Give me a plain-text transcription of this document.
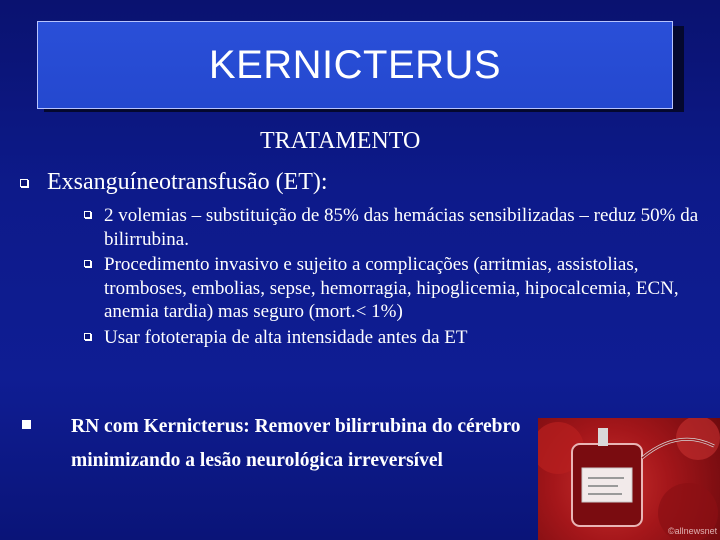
KERNICTERUS
TRATAMENTO
Exsanguíneotransfusão (ET):
2 volemias – substituição de 85% das hemácias sensibilizadas – reduz 50% da bilirrubina.
Procedimento invasivo e sujeito a complicações (arritmias, assistolias, tromboses, embolias, sepse, hemorragia, hipoglicemia, hipocalcemia, ECN, anemia tardia) mas seguro (mort.< 1%)
Usar fototerapia de alta intensidade antes da ET
©allnewsnet
RN com Kernicterus: Remover bilirrubina do cérebro minimizando a lesão neurológica irreversível
